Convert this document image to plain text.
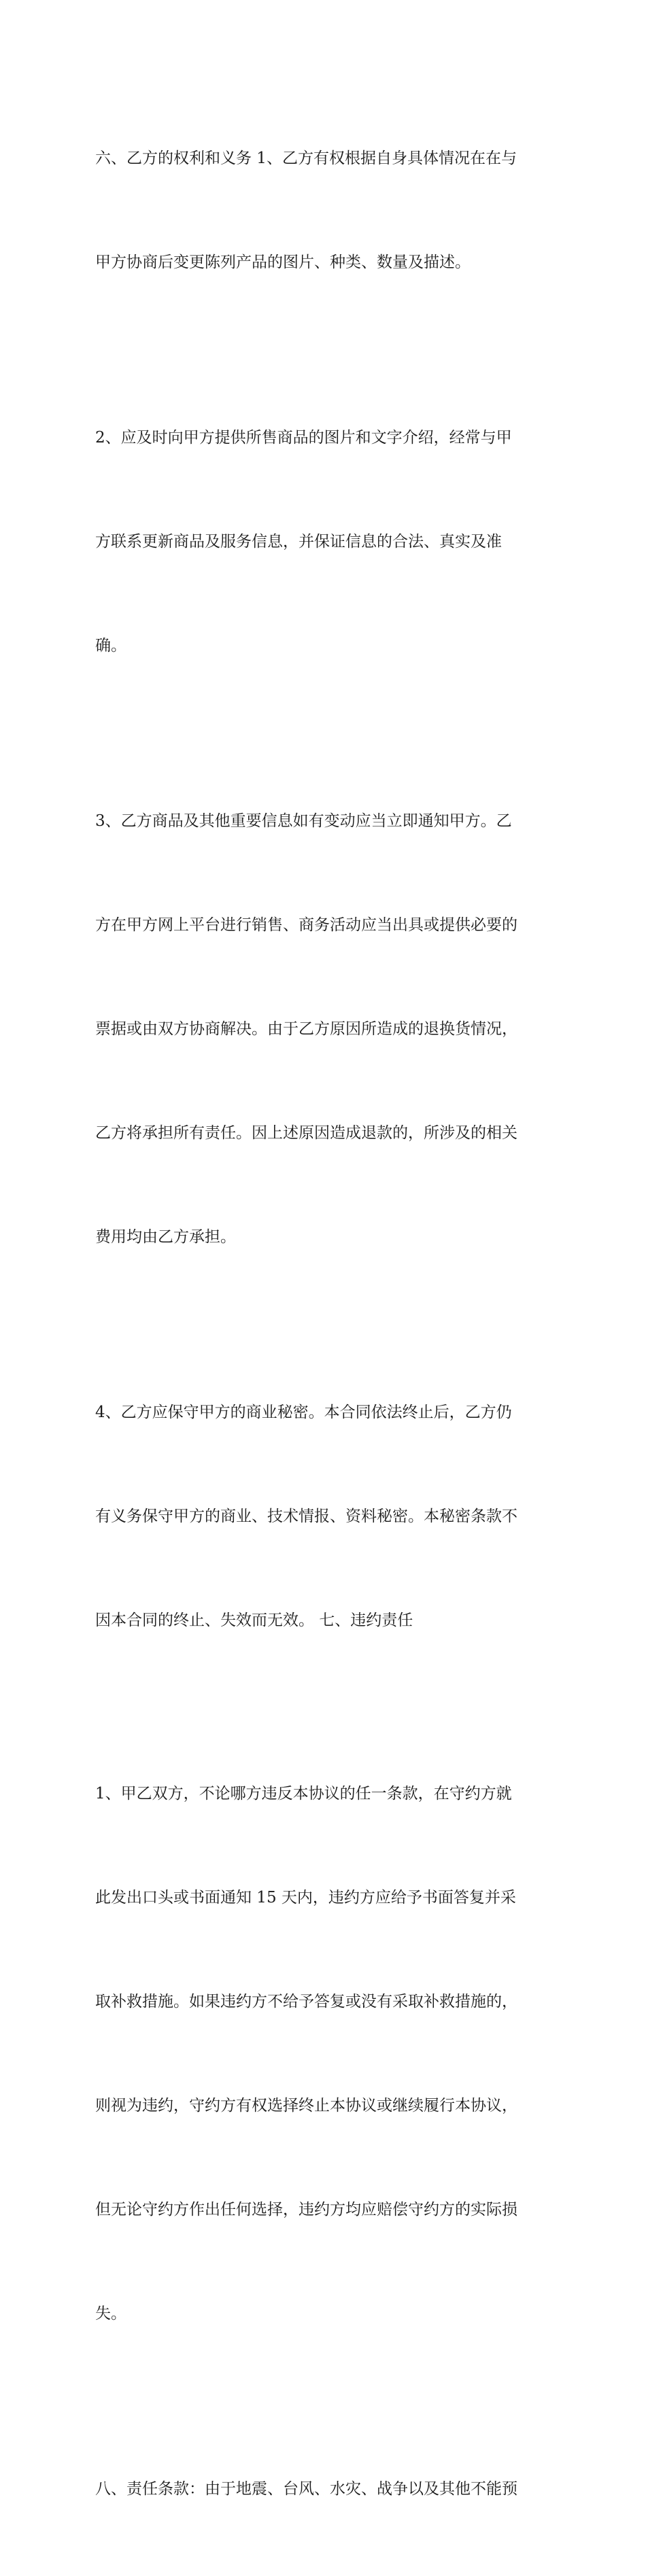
六、乙方的权利和义务 1、乙方有权根据自身具体情况在在与

甲方协商后变更陈列产品的图片、种类、数量及描述。

2、应及时向甲方提供所售商品的图片和文字介绍，经常与甲

方联系更新商品及服务信息，并保证信息的合法、真实及准

确。

3、乙方商品及其他重要信息如有变动应当立即通知甲方。乙

方在甲方网上平台进行销售、商务活动应当出具或提供必要的

票据或由双方协商解决。由于乙方原因所造成的退换货情况，

乙方将承担所有责任。因上述原因造成退款的，所涉及的相关

费用均由乙方承担。

4、乙方应保守甲方的商业秘密。本合同依法终止后，乙方仍

有义务保守甲方的商业、技术情报、资料秘密。本秘密条款不

因本合同的终止、失效而无效。 七、违约责任

1、甲乙双方，不论哪方违反本协议的任一条款，在守约方就

此发出口头或书面通知 15 天内，违约方应给予书面答复并采

取补救措施。如果违约方不给予答复或没有采取补救措施的，

则视为违约，守约方有权选择终止本协议或继续履行本协议，

但无论守约方作出任何选择，违约方均应赔偿守约方的实际损

失。

八、责任条款：由于地震、台风、水灾、战争以及其他不能预
